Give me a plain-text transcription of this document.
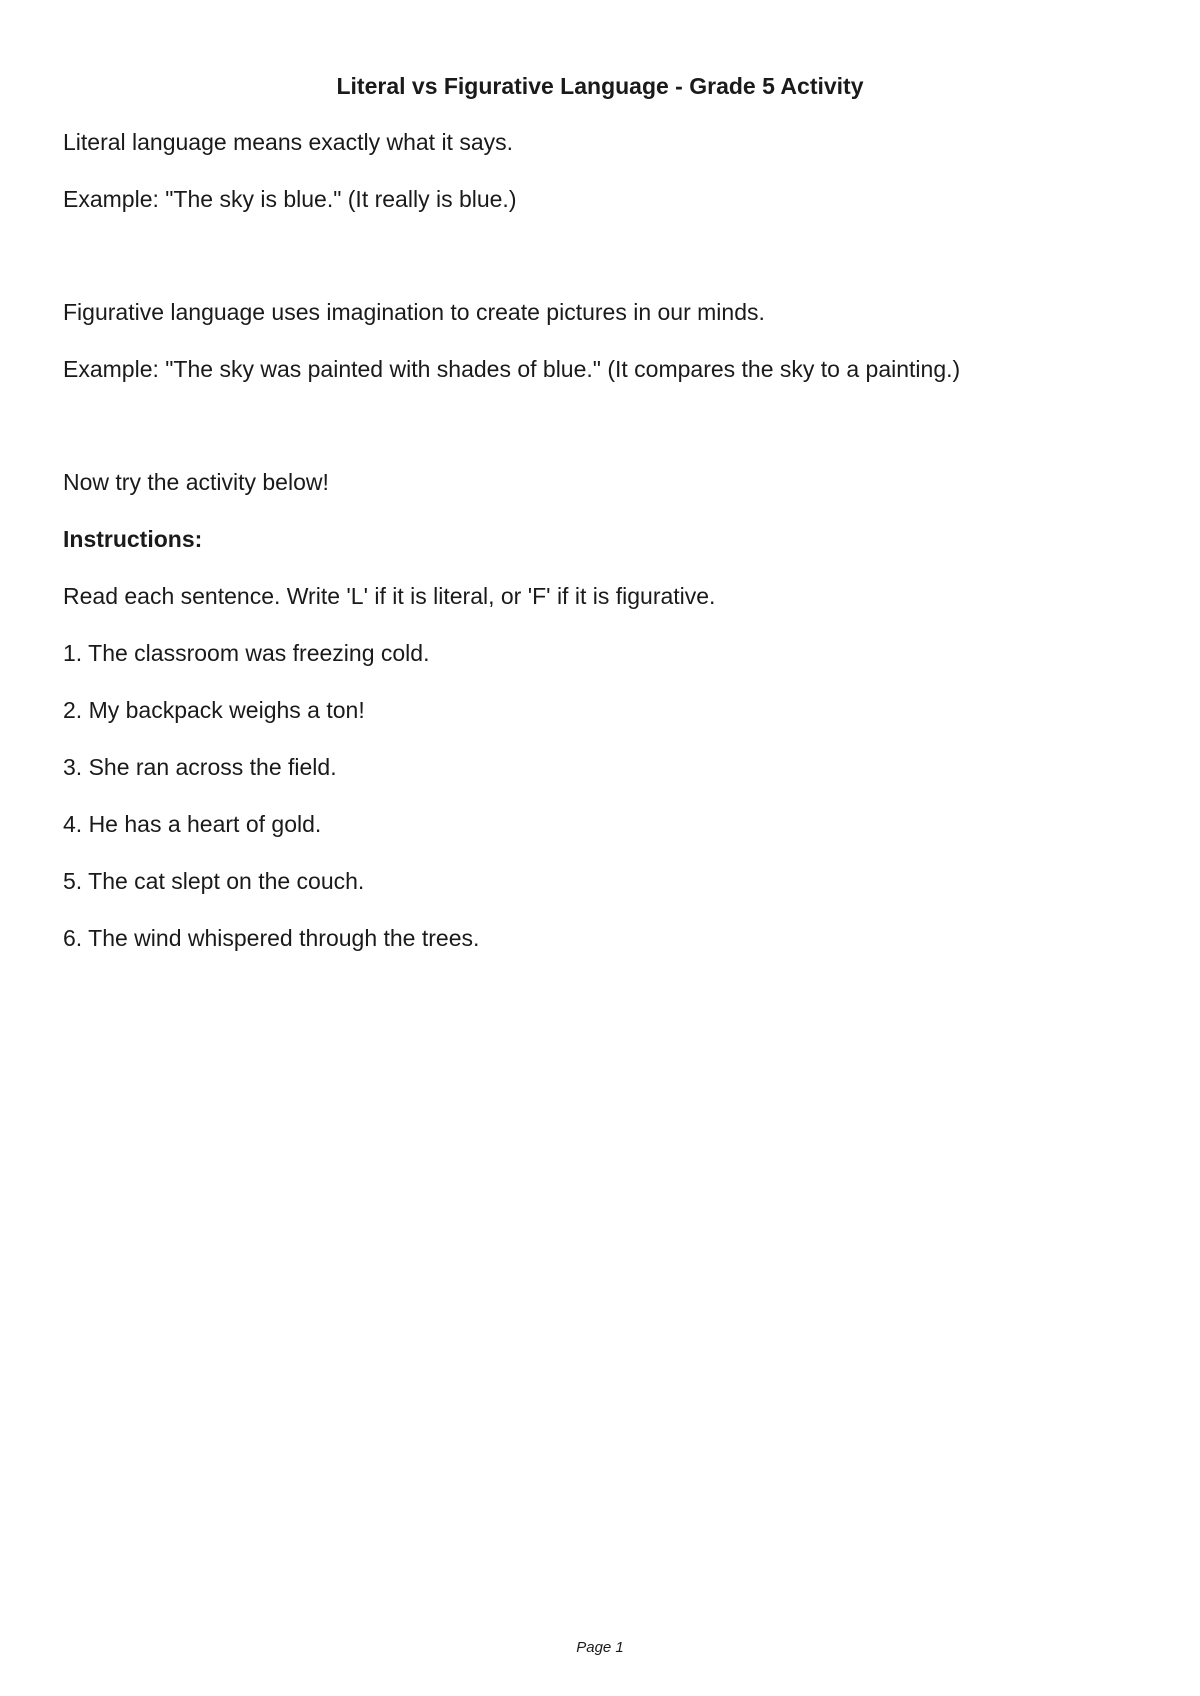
Literal vs Figurative Language - Grade 5 Activity

Literal language means exactly what it says.

Example: "The sky is blue." (It really is blue.)

Figurative language uses imagination to create pictures in our minds.

Example: "The sky was painted with shades of blue." (It compares the sky to a painting.)

Now try the activity below!

Instructions:

Read each sentence. Write 'L' if it is literal, or 'F' if it is figurative.

1. The classroom was freezing cold.

2. My backpack weighs a ton!

3. She ran across the field.

4. He has a heart of gold.

5. The cat slept on the couch.

6. The wind whispered through the trees.

Page 1
